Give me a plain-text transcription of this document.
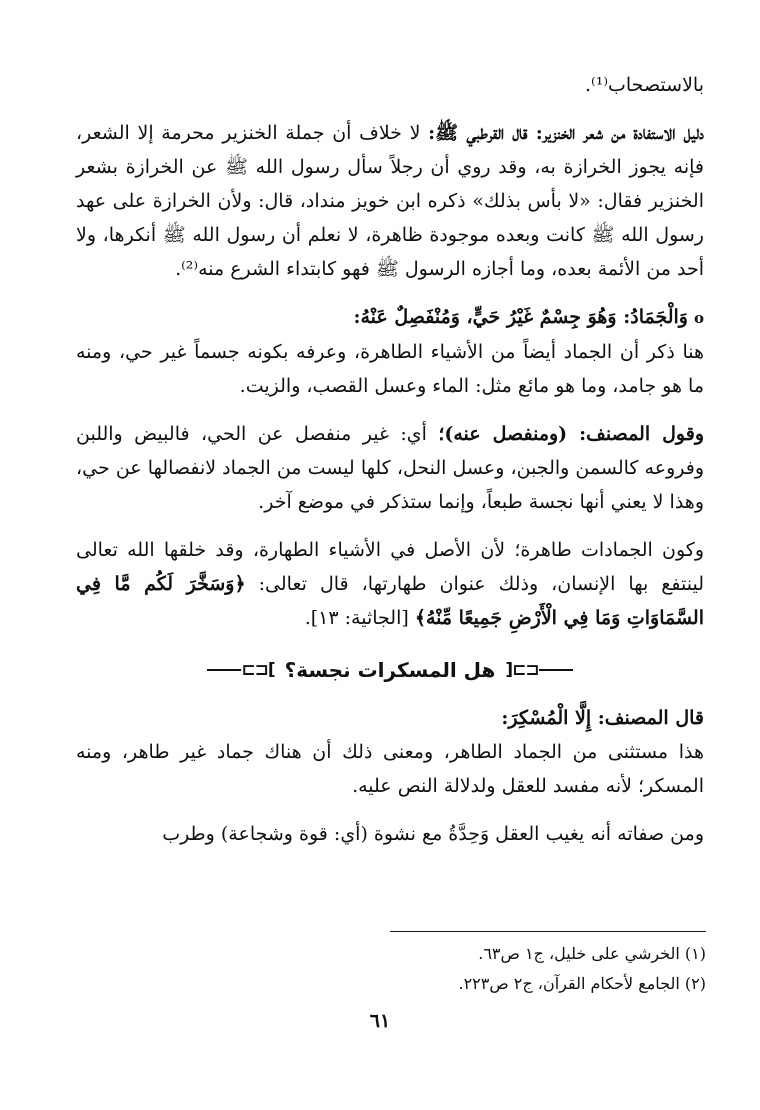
بالاستصحاب⁽¹⁾.

دليل الاستفادة من شعر الخنزير: قال القرطبي ﷺ: لا خلاف أن جملة الخنزير محرمة إلا الشعر، فإنه يجوز الخرازة به، وقد روي أن رجلاً سأل رسول الله ﷺ عن الخرازة بشعر الخنزير فقال: «لا بأس بذلك» ذكره ابن خويز منداد، قال: ولأن الخرازة على عهد رسول الله ﷺ كانت وبعده موجودة ظاهرة، لا نعلم أن رسول الله ﷺ أنكرها، ولا أحد من الأئمة بعده، وما أجازه الرسول ﷺ فهو كابتداء الشرع منه⁽²⁾.

oوَالْجَمَادُ: وَهُوَ جِسْمٌ غَيْرُ حَيٍّ، وَمُنْفَصِلٌ عَنْهُ:

هنا ذكر أن الجماد أيضاً من الأشياء الطاهرة، وعرفه بكونه جسماً غير حي، ومنه ما هو جامد، وما هو مائع مثل: الماء وعسل القصب، والزيت.

وقول المصنف: (ومنفصل عنه)؛ أي: غير منفصل عن الحي، فالبيض واللبن وفروعه كالسمن والجبن، وعسل النحل، كلها ليست من الجماد لانفصالها عن حي، وهذا لا يعني أنها نجسة طبعاً، وإنما ستذكر في موضع آخر.

وكون الجمادات طاهرة؛ لأن الأصل في الأشياء الطهارة، وقد خلقها الله تعالى لينتفع بها الإنسان، وذلك عنوان طهارتها، قال تعالى: ﴿وَسَخَّرَ لَكُم مَّا فِي السَّمَاوَاتِ وَمَا فِي الْأَرْضِ جَمِيعًا مِّنْهُ﴾ [الجاثية: ١٣].

⊏⊐[ هل المسكرات نجسة؟ ]⊏⊐

قال المصنف: إِلَّا الْمُسْكِرَ:

هذا مستثنى من الجماد الطاهر، ومعنى ذلك أن هناك جماد غير طاهر، ومنه المسكر؛ لأنه مفسد للعقل ولدلالة النص عليه.

ومن صفاته أنه يغيب العقل وَحِدَّةُ مع نشوة (أي: قوة وشجاعة) وطرب

(١) الخرشي على خليل، ج١ ص٦٣.

(٢) الجامع لأحكام القرآن، ج٢ ص٢٢٣.

٦١
